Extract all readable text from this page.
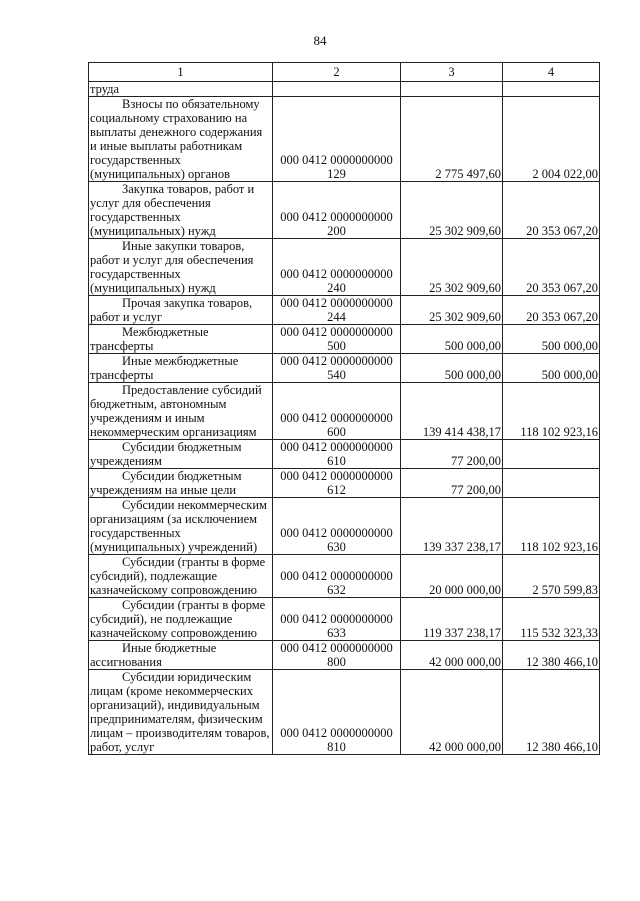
84
1	2	3	4

труда			

Взносы по обязательному социальному страхованию на выплаты денежного содержания и иные выплаты работникам государственных (муниципальных) органов	000 0412 0000000000 129	2 775 497,60	2 004 022,00

Закупка товаров, работ и услуг для обеспечения государственных (муниципальных) нужд	000 0412 0000000000 200	25 302 909,60	20 353 067,20

Иные закупки товаров, работ и услуг для обеспечения государственных (муниципальных) нужд	000 0412 0000000000 240	25 302 909,60	20 353 067,20

Прочая закупка товаров, работ и услуг	000 0412 0000000000 244	25 302 909,60	20 353 067,20

Межбюджетные трансферты	000 0412 0000000000 500	500 000,00	500 000,00

Иные межбюджетные трансферты	000 0412 0000000000 540	500 000,00	500 000,00

Предоставление субсидий бюджетным, автономным учреждениям и иным некоммерческим организациям	000 0412 0000000000 600	139 414 438,17	118 102 923,16

Субсидии бюджетным учреждениям	000 0412 0000000000 610	77 200,00	

Субсидии бюджетным учреждениям на иные цели	000 0412 0000000000 612	77 200,00	

Субсидии некоммерческим организациям (за исключением государственных (муниципальных) учреждений)	000 0412 0000000000 630	139 337 238,17	118 102 923,16

Субсидии (гранты в форме субсидий), подлежащие казначейскому сопровождению	000 0412 0000000000 632	20 000 000,00	2 570 599,83

Субсидии (гранты в форме субсидий), не подлежащие казначейскому сопровождению	000 0412 0000000000 633	119 337 238,17	115 532 323,33

Иные бюджетные ассигнования	000 0412 0000000000 800	42 000 000,00	12 380 466,10

Субсидии юридическим лицам (кроме некоммерческих организаций), индивидуальным предпринимателям, физическим лицам – производителям товаров, работ, услуг	000 0412 0000000000 810	42 000 000,00	12 380 466,10
